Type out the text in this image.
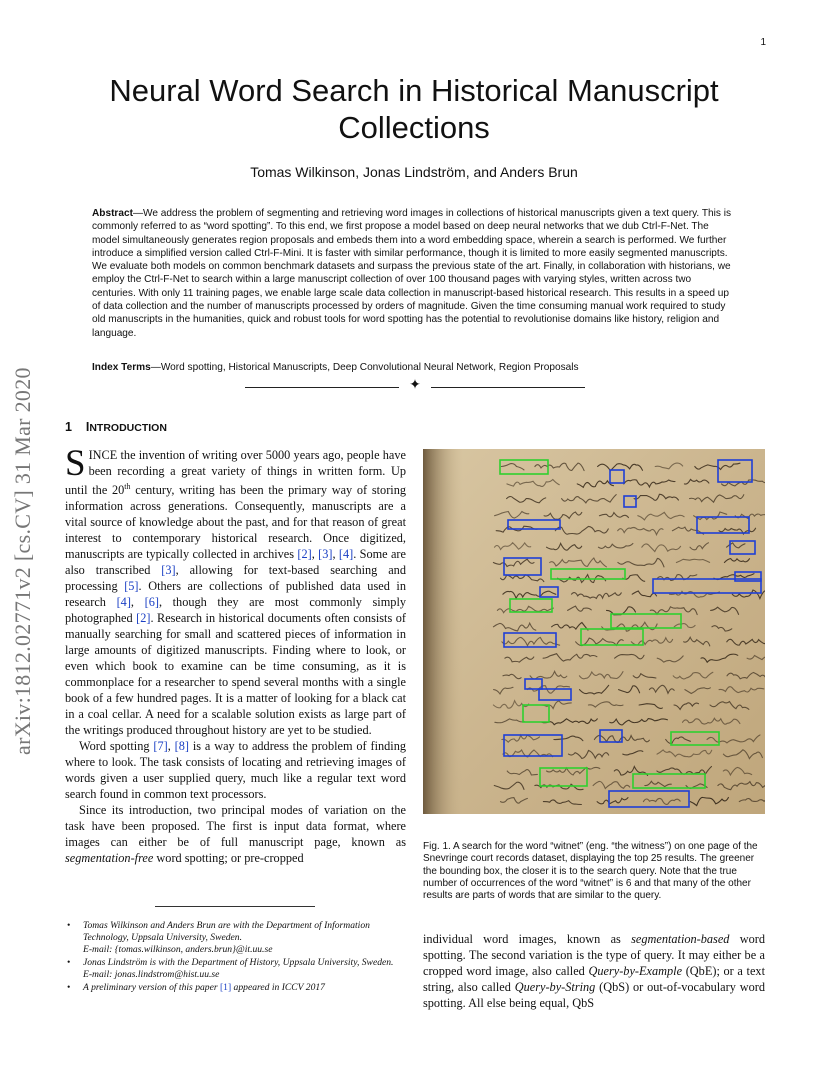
1
Neural Word Search in Historical Manuscript Collections
Tomas Wilkinson, Jonas Lindström, and Anders Brun
Abstract—We address the problem of segmenting and retrieving word images in collections of historical manuscripts given a text query. This is commonly referred to as “word spotting”. To this end, we first propose a model based on deep neural networks that we dub Ctrl-F-Net. The model simultaneously generates region proposals and embeds them into a word embedding space, wherein a search is performed. We further introduce a simplified version called Ctrl-F-Mini. It is faster with similar performance, though it is limited to more easily segmented manuscripts. We evaluate both models on common benchmark datasets and surpass the previous state of the art. Finally, in collaboration with historians, we employ the Ctrl-F-Net to search within a large manuscript collection of over 100 thousand pages with varying styles, written across two centuries. With only 11 training pages, we enable large scale data collection in manuscript-based historical research. This results in a speed up of data collection and the number of manuscripts processed by orders of magnitude. Given the time consuming manual work required to study old manuscripts in the humanities, quick and robust tools for word spotting has the potential to revolutionise domains like history, religion and language.
Index Terms—Word spotting, Historical Manuscripts, Deep Convolutional Neural Network, Region Proposals
✦
arXiv:1812.02771v2 [cs.CV] 31 Mar 2020	1 INTRODUCTION

SINCE the invention of writing over 5000 years ago, people have been recording a great variety of things in written form. Up until the 20th century, writing has been the primary way of storing information across generations. Consequently, manuscripts are a vital source of knowledge about the past, and for that reason of great interest to contemporary historical research. Once digitized, manuscripts are typically collected in archives [2], [3], [4]. Some are also transcribed [3], allowing for text-based searching and processing [5]. Others are collections of published data used in research [4], [6], though they are most commonly simply photographed [2]. Research in historical documents often consists of manually searching for small and scattered pieces of information in large amounts of digitized manuscripts. Finding where to look, or even which book to examine can be time consuming, as it is commonplace for a researcher to spend several months with a single book of a few hundred pages. It is a matter of looking for a black cat in a coal cellar. A need for a scalable solution exists as large part of the writings produced throughout history are yet to be studied.

Word spotting [7], [8] is a way to address the problem of finding where to look. The task consists of locating and retrieving images of words given a user supplied query, much like a regular text word search found in common text processors.

Since its introduction, two principal modes of variation on the task have been proposed. The first is input data format, where images can either be of full manuscript page, known as segmentation-free word spotting; or pre-cropped

• Tomas Wilkinson and Anders Brun are with the Department of Information Technology, Uppsala University, Sweden.
E-mail: {tomas.wilkinson, anders.brun}@it.uu.se
• Jonas Lindström is with the Department of History, Uppsala University, Sweden.
E-mail: jonas.lindstrom@hist.uu.se
• A preliminary version of this paper [1] appeared in ICCV 2017
Fig. 1. A search for the word “witnet” (eng. “the witness”) on one page of the Snevringe court records dataset, displaying the top 25 results. The greener the bounding box, the closer it is to the search query. Note that the true number of occurrences of the word “witnet” is 6 and that many of the other results are parts of words that are similar to the query.
individual word images, known as segmentation-based word spotting. The second variation is the type of query. It may either be a cropped word image, also called Query-by-Example (QbE); or a text string, also called Query-by-String (QbS) or out-of-vocabulary word spotting. All else being equal, QbS
